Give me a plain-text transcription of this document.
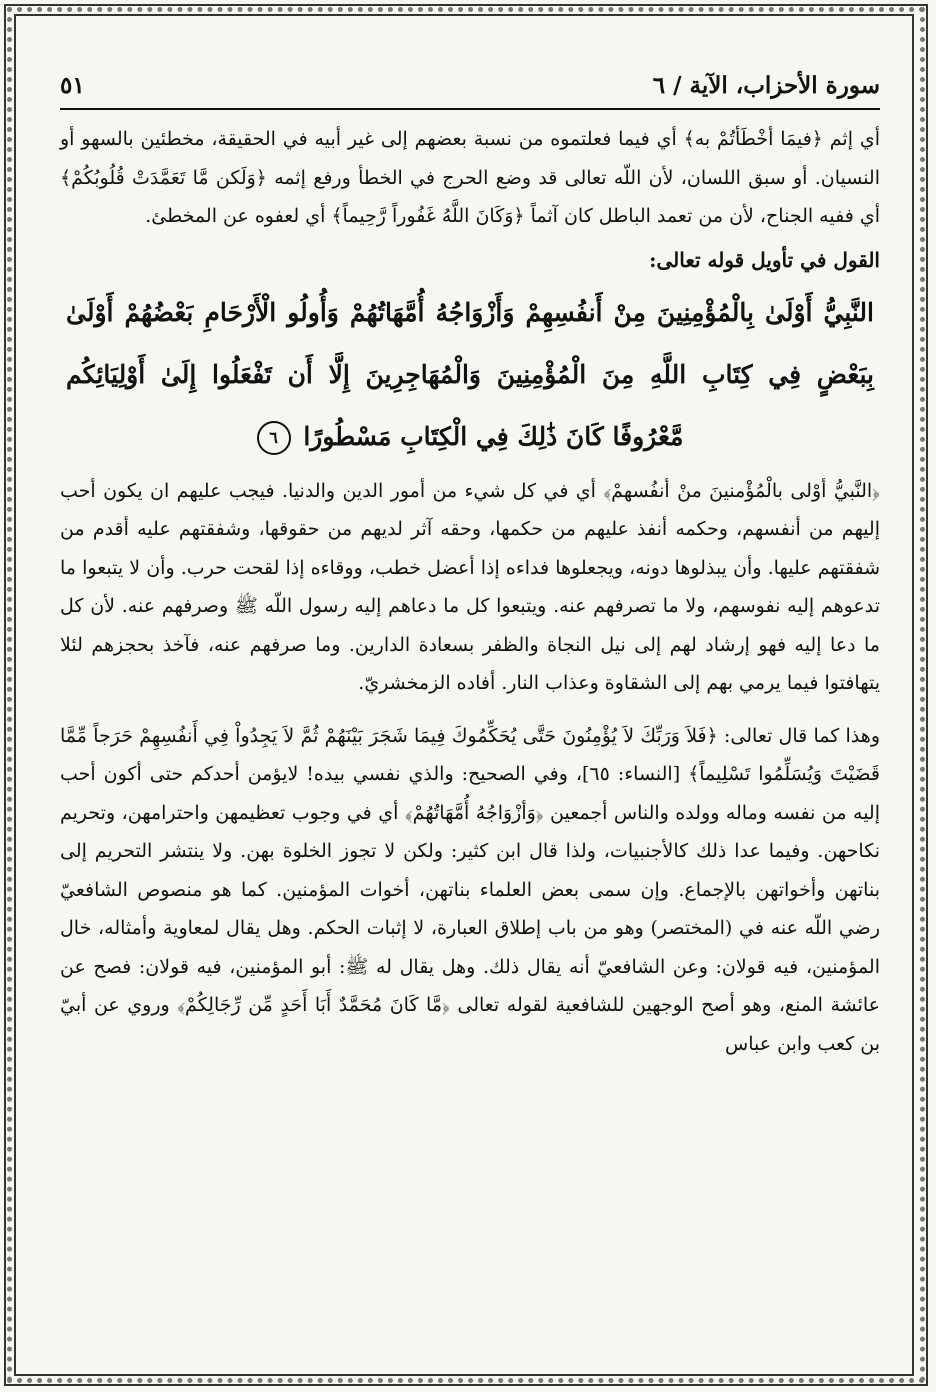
سورة الأحزاب، الآية / ٦
٥١

أي إثم ﴿فيمَا أخْطَأتُمْ به﴾ أي فيما فعلتموه من نسبة بعضهم إلى غير أبيه في الحقيقة، مخطئين بالسهو أو النسيان. أو سبق اللسان، لأن اللّه تعالى قد وضع الحرج في الخطأ ورفع إثمه ﴿وَلَكن مَّا تَعَمَّدَتْ قُلُوبُكُمْ﴾ أي ففيه الجناح، لأن من تعمد الباطل كان آثماً ﴿وَكَانَ اللَّهُ غَفُوراً رَّحِيماً﴾ أي لعفوه عن المخطئ.

القول في تأويل قوله تعالى:

النَّبِيُّ أَوْلَىٰ بِالْمُؤْمِنِينَ مِنْ أَنفُسِهِمْ وَأَزْوَاجُهُ أُمَّهَاتُهُمْ وَأُولُو الْأَرْحَامِ بَعْضُهُمْ أَوْلَىٰ بِبَعْضٍ فِي كِتَابِ اللَّهِ مِنَ الْمُؤْمِنِينَ وَالْمُهَاجِرِينَ إِلَّا أَن تَفْعَلُوا إِلَىٰ أَوْلِيَائِكُم مَّعْرُوفًا كَانَ ذَٰلِكَ فِي الْكِتَابِ مَسْطُورًا ٦

﴿النَّبيُّ أوْلى بالْمُؤْمنينَ منْ أنفُسهمْ﴾ أي في كل شيء من أمور الدين والدنيا. فيجب عليهم ان يكون أحب إليهم من أنفسهم، وحكمه أنفذ عليهم من حكمها، وحقه آثر لديهم من حقوقها، وشفقتهم عليه أقدم من شفقتهم عليها. وأن يبذلوها دونه، ويجعلوها فداءه إذا أعضل خطب، ووقاءه إذا لقحت حرب. وأن لا يتبعوا ما تدعوهم إليه نفوسهم، ولا ما تصرفهم عنه. ويتبعوا كل ما دعاهم إليه رسول اللّه ﷺ وصرفهم عنه. لأن كل ما دعا إليه فهو إرشاد لهم إلى نيل النجاة والظفر بسعادة الدارين. وما صرفهم عنه، فآخذ بحجزهم لئلا يتهافتوا فيما يرمي بهم إلى الشقاوة وعذاب النار. أفاده الزمخشريّ.

وهذا كما قال تعالى: ﴿فَلاَ وَرَبِّكَ لاَ يُؤْمِنُونَ حَتَّى يُحَكِّمُوكَ فِيمَا شَجَرَ بَيْنَهُمْ ثُمَّ لاَ يَجِدُواْ فِي أَنفُسِهِمْ حَرَجاً مِّمَّا قَضَيْتَ وَيُسَلِّمُوا تَسْلِيماً﴾ [النساء: ٦٥]، وفي الصحيح: والذي نفسي بيده! لايؤمن أحدكم حتى أكون أحب إليه من نفسه وماله وولده والناس أجمعين ﴿وَأزْوَاجُهُ أُمَّهَاتُهُمْ﴾ أي في وجوب تعظيمهن واحترامهن، وتحريم نكاحهن. وفيما عدا ذلك كالأجنبيات، ولذا قال ابن كثير: ولكن لا تجوز الخلوة بهن. ولا ينتشر التحريم إلى بناتهن وأخواتهن بالإجماع. وإن سمى بعض العلماء بناتهن، أخوات المؤمنين. كما هو منصوص الشافعيّ رضي اللّه عنه في (المختصر) وهو من باب إطلاق العبارة، لا إثبات الحكم. وهل يقال لمعاوية وأمثاله، خال المؤمنين، فيه قولان: وعن الشافعيّ أنه يقال ذلك. وهل يقال له ﷺ: أبو المؤمنين، فيه قولان: فصح عن عائشة المنع، وهو أصح الوجهين للشافعية لقوله تعالى ﴿مَّا كَانَ مُحَمَّدٌ أَبَا أَحَدٍ مِّن رِّجَالِكُمْ﴾ وروي عن أبيّ بن كعب وابن عباس
